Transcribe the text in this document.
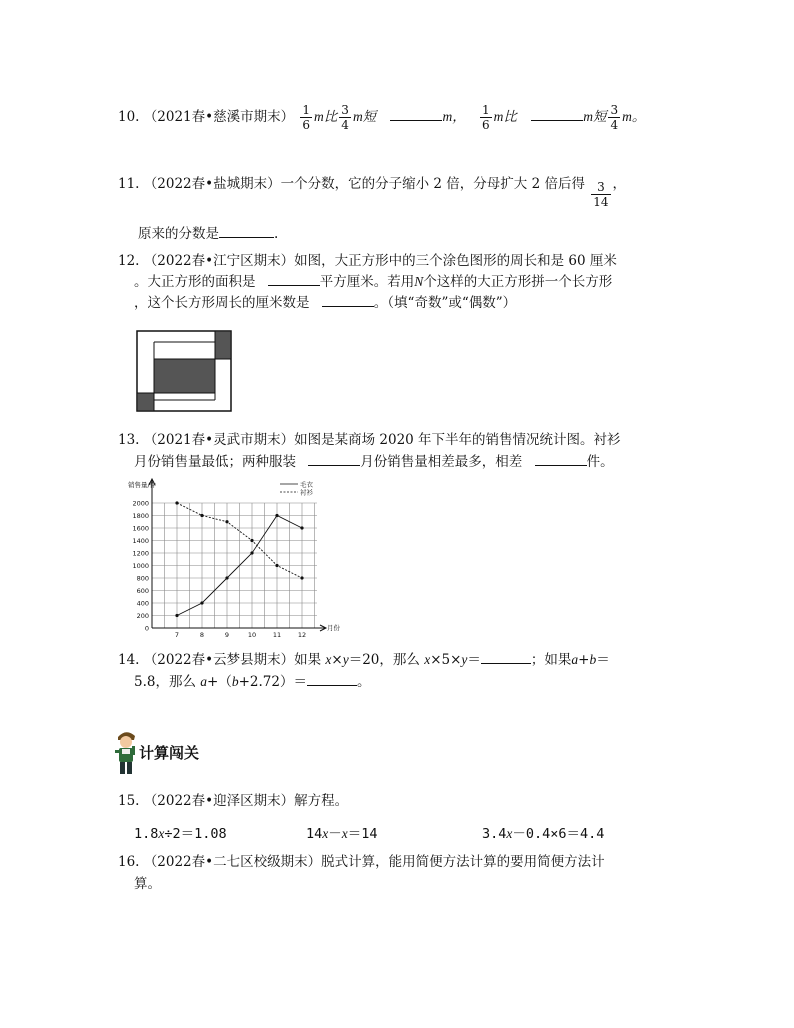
10. （2021春•慈溪市期末） $\frac{1}{6}$ m比 $\frac{3}{4}$ m短	m， $\frac{1}{6}$ m比	m短 $\frac{3}{4}$ m。
11. （2022春•盐城期末）一个分数，它的分子缩小 2 倍，分母扩大 2 倍后得 $\frac{3}{14}$ ，
原来的分数是	.
12. （2022春•江宁区期末）如图，大正方形中的三个涂色图形的周长和是 60 厘米
。大正方形的面积是	平方厘米。若用N个这样的大正方形拼一个长方形
，这个长方形周长的厘米数是	。（填“奇数”或“偶数”）
13. （2021春•灵武市期末）如图是某商场 2020 年下半年的销售情况统计图。衬衫
月份销售量最低；两种服装	月份销售量相差最多，相差	件。
0
200
400
600
800
1000
1200
1400
1600
1800
2000
7	8	9	10	11	12
销售量/件
月份
毛衣
衬衫
14. （2022春•云梦县期末）如果 x×y＝20，那么 x×5×y＝	；如果a+b＝
5.8，那么 a+（b+2.72）＝	。
计算闯关
15. （2022春•迎泽区期末）解方程。
1.8x÷2＝1.08	14x－x＝14	3.4x－0.4×6＝4.4
16. （2022春•二七区校级期末）脱式计算，能用简便方法计算的要用简便方法计
算。
